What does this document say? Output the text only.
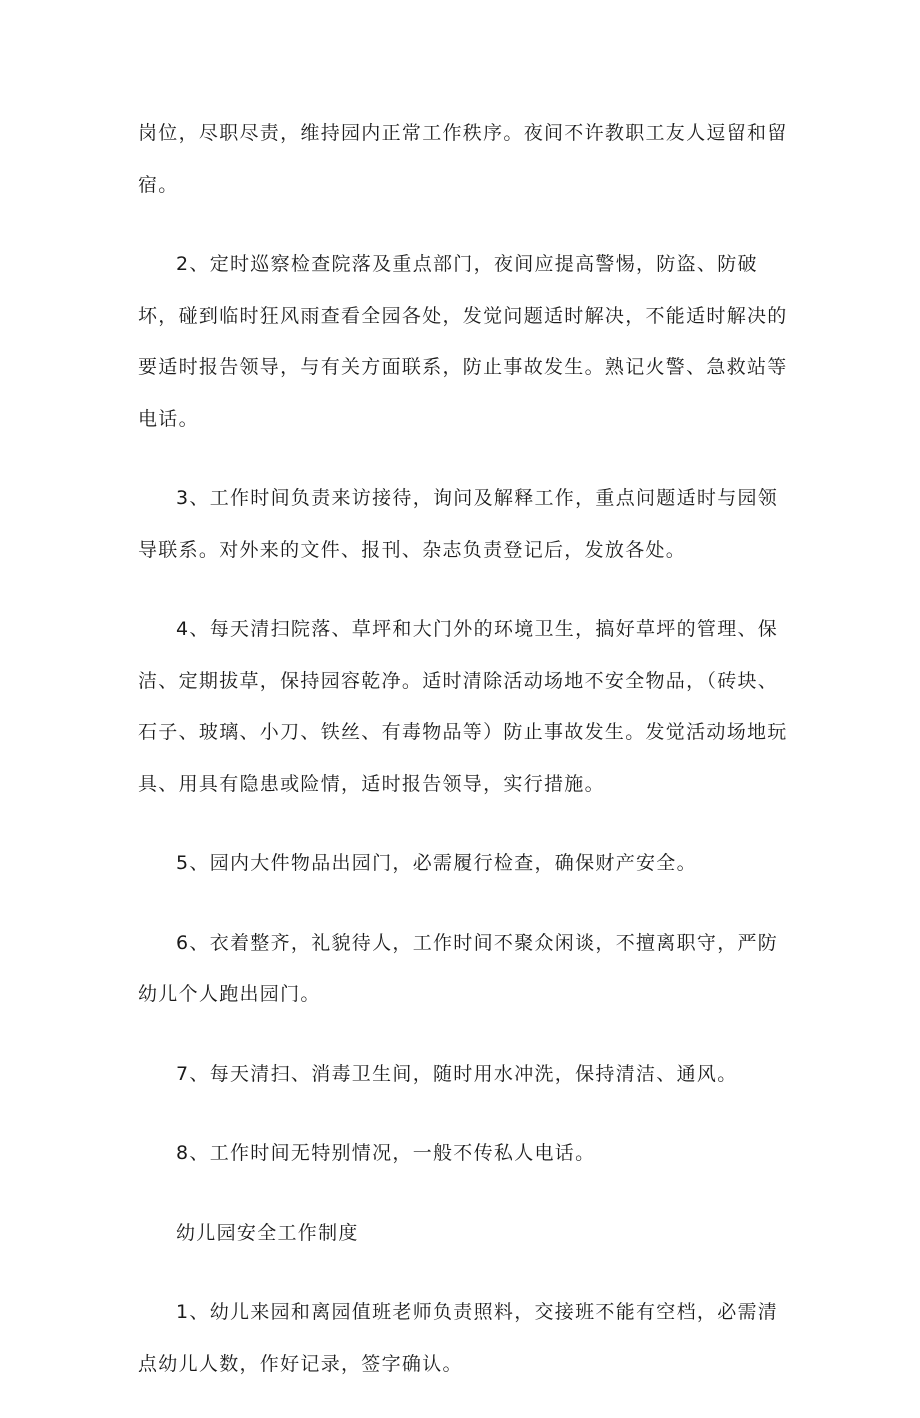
岗位，尽职尽责，维持园内正常工作秩序。夜间不许教职工友人逗留和留宿。

2、定时巡察检查院落及重点部门，夜间应提高警惕，防盗、防破坏，碰到临时狂风雨查看全园各处，发觉问题适时解决，不能适时解决的要适时报告领导，与有关方面联系，防止事故发生。熟记火警、急救站等电话。

3、工作时间负责来访接待，询问及解释工作，重点问题适时与园领导联系。对外来的文件、报刊、杂志负责登记后，发放各处。

4、每天清扫院落、草坪和大门外的环境卫生，搞好草坪的管理、保洁、定期拔草，保持园容乾净。适时清除活动场地不安全物品，（砖块、石子、玻璃、小刀、铁丝、有毒物品等）防止事故发生。发觉活动场地玩具、用具有隐患或险情，适时报告领导，实行措施。

5、园内大件物品出园门，必需履行检查，确保财产安全。

6、衣着整齐，礼貌待人，工作时间不聚众闲谈，不擅离职守，严防幼儿个人跑出园门。

7、每天清扫、消毒卫生间，随时用水冲洗，保持清洁、通风。

8、工作时间无特别情况，一般不传私人电话。

幼儿园安全工作制度

1、幼儿来园和离园值班老师负责照料，交接班不能有空档，必需清点幼儿人数，作好记录，签字确认。
